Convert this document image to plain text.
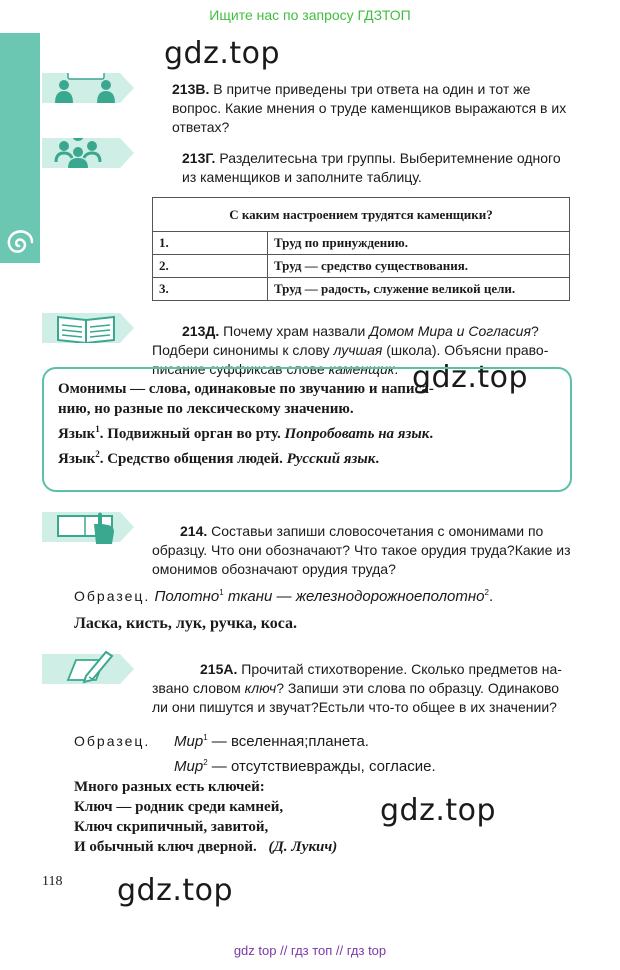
Ищите нас по запросу ГДЗТОП
gdz.top
gdz.top
gdz.top
gdz.top
213В. В притче приведены три ответа на один и тот же вопрос. Какие мнения о труде каменщиков выражаются в их ответах?
213Г. Разделитесьна три группы. Выберитемнение одного из каменщиков и заполните таблицу.
С каким настроением трудятся каменщики?	
1.	Труд по принуждению.
2.	Труд — средство существования.
3.	Труд — радость, служение великой цели.
213Д. Почему храм назвали Домом Мира и Согласия?
Подбери синонимы к слову лучшая (школа). Объясни право-
писание суффиксав слове каменщик.
Омонимы — слова, одинаковые по звучанию и написа-
нию, но разные по лексическому значению.
Язык$^1$. Подвижный орган во рту. Попробовать на язык.
Язык$^2$. Средство общения людей. Русский язык.
214. Составьи запиши словосочетания с омонимами по образцу. Что они обозначают? Что такое орудия труда?Какие из омонимов обозначают орудия труда?
Образец. Полотно$^1$ ткани — железнодорожноеполотно$^2$.
Ласка, кисть, лук, ручка, коса.
215А. Прочитай стихотворение. Сколько предметов на-
звано словом ключ? Запиши эти слова по образцу. Одинаково
ли они пишутся и звучат?Естьли что-то общее в их значении?
Образец. Мир$^1$ — вселенная;планета.
Мир$^2$ — отсутствиевражды, согласие.
Много разных есть ключей:
Ключ — родник среди камней,
Ключ скрипичный, завитой,
И обычный ключ дверной. (Д. Лукич)
118
gdz top // гдз топ // гдз top
